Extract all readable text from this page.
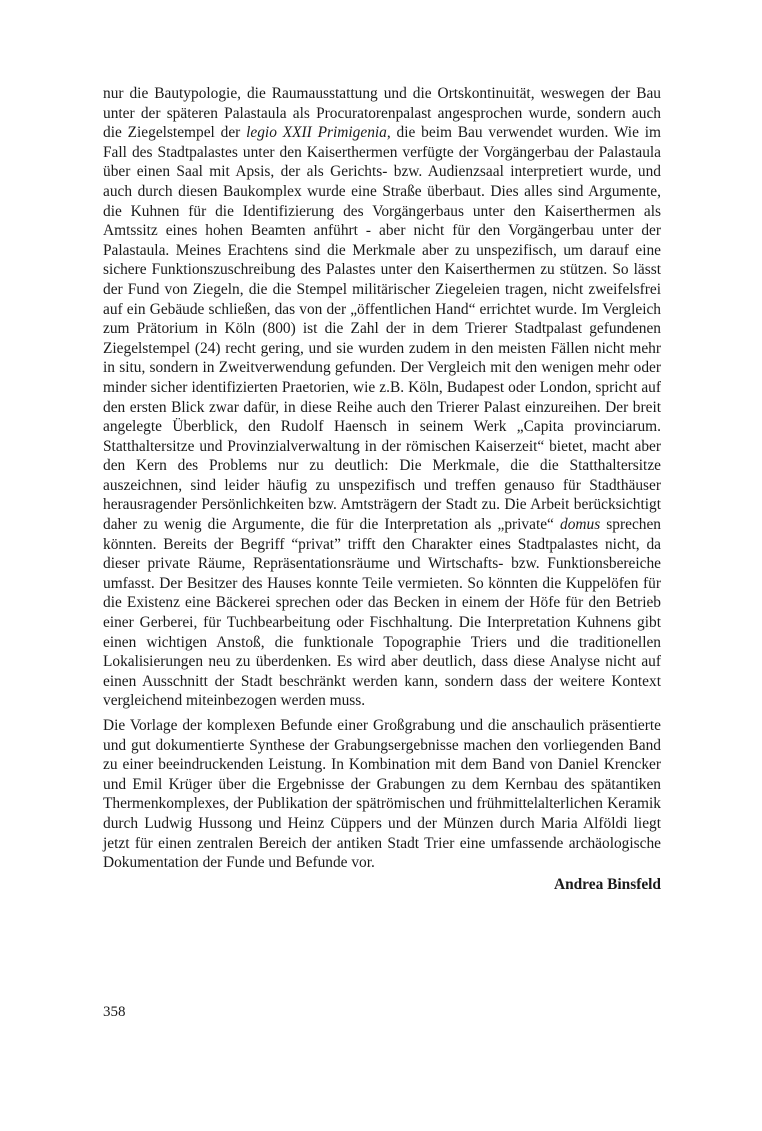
nur die Bautypologie, die Raumausstattung und die Ortskontinuität, weswegen der Bau unter der späteren Palastaula als Procuratorenpalast angesprochen wurde, sondern auch die Ziegelstempel der legio XXII Primigenia, die beim Bau verwendet wurden. Wie im Fall des Stadtpalastes unter den Kaiserthermen verfügte der Vorgängerbau der Palastaula über einen Saal mit Apsis, der als Gerichts- bzw. Audienzsaal interpretiert wurde, und auch durch diesen Baukomplex wurde eine Straße überbaut. Dies alles sind Argumente, die Kuhnen für die Identifizierung des Vorgängerbaus unter den Kaiserthermen als Amtssitz eines hohen Beamten anführt - aber nicht für den Vorgängerbau unter der Palastaula. Meines Erachtens sind die Merkmale aber zu unspezifisch, um darauf eine sichere Funktionszuschreibung des Palastes unter den Kaiserthermen zu stützen. So lässt der Fund von Ziegeln, die die Stempel militärischer Ziegeleien tragen, nicht zweifelsfrei auf ein Gebäude schließen, das von der „öffentlichen Hand“ errichtet wurde. Im Vergleich zum Prätorium in Köln (800) ist die Zahl der in dem Trierer Stadtpalast gefundenen Ziegelstempel (24) recht gering, und sie wurden zudem in den meisten Fällen nicht mehr in situ, sondern in Zweitverwendung gefunden. Der Vergleich mit den wenigen mehr oder minder sicher identifizierten Praetorien, wie z.B. Köln, Budapest oder London, spricht auf den ersten Blick zwar dafür, in diese Reihe auch den Trierer Palast einzureihen. Der breit angelegte Überblick, den Rudolf Haensch in seinem Werk „Capita provinciarum. Statthaltersitze und Provinzialverwaltung in der römischen Kaiserzeit“ bietet, macht aber den Kern des Problems nur zu deutlich: Die Merkmale, die die Statthaltersitze auszeichnen, sind leider häufig zu unspezifisch und treffen genauso für Stadthäuser herausragender Persönlichkeiten bzw. Amtsträgern der Stadt zu. Die Arbeit berücksichtigt daher zu wenig die Argumente, die für die Interpretation als „private“ domus sprechen könnten. Bereits der Begriff “privat” trifft den Charakter eines Stadtpalastes nicht, da dieser private Räume, Repräsentationsräume und Wirtschafts- bzw. Funktionsbereiche umfasst. Der Besitzer des Hauses konnte Teile vermieten. So könnten die Kuppelöfen für die Existenz eine Bäckerei sprechen oder das Becken in einem der Höfe für den Betrieb einer Gerberei, für Tuchbearbeitung oder Fischhaltung. Die Interpretation Kuhnens gibt einen wichtigen Anstoß, die funktionale Topographie Triers und die traditionellen Lokalisierungen neu zu überdenken. Es wird aber deutlich, dass diese Analyse nicht auf einen Ausschnitt der Stadt beschränkt werden kann, sondern dass der weitere Kontext vergleichend miteinbezogen werden muss.

Die Vorlage der komplexen Befunde einer Großgrabung und die anschaulich präsentierte und gut dokumentierte Synthese der Grabungsergebnisse machen den vorliegenden Band zu einer beeindruckenden Leistung. In Kombination mit dem Band von Daniel Krencker und Emil Krüger über die Ergebnisse der Grabungen zu dem Kernbau des spätantiken Thermenkomplexes, der Publikation der spätrömischen und frühmittelalterlichen Keramik durch Ludwig Hussong und Heinz Cüppers und der Münzen durch Maria Alföldi liegt jetzt für einen zentralen Bereich der antiken Stadt Trier eine umfassende archäologische Dokumentation der Funde und Befunde vor.

Andrea Binsfeld
358
